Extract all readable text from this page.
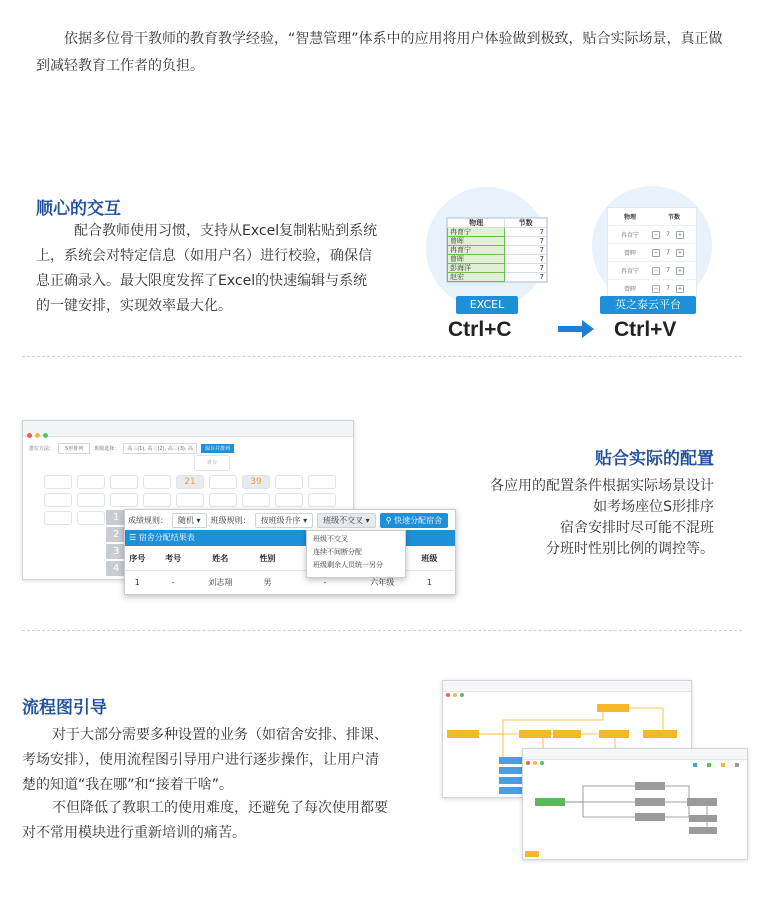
依据多位骨干教师的教育教学经验，“智慧管理”体系中的应用将用户体验做到极致，贴合实际场景，真正做到减轻教育工作者的负担。
顺心的交互
配合教师使用习惯，支持从Excel复制粘贴到系统上，系统会对特定信息（如用户名）进行校验，确保信息正确录入。最大限度发挥了Excel的快速编辑与系统的一键安排，实现效率最大化。
物理	节数
冉育宁	7
曾晖	7
冉育宁	7
曾晖	7
彭海洋	7
赵宏	7
EXCEL
Ctrl+C
物理	节数
冉育宁	−	7	+
曾晖	−	7	+
冉育宁	−	7	+
曾晖	−	7	+
英之泰云平台
Ctrl+V
排位方法：	S形排列	班级选择：	高三(1), 高三(2), 高三(3), 高	保存并排列
讲台
21	39
1
2
3
4
成绩规则：	随机 ▾	班级规则：	按班级升序 ▾	班级不交叉 ▾	⚲ 快速分配宿舍
☰ 宿舍分配结果表
序号	考号	姓名	性别			班级
1	-	刘志翔	男	-	六年级	1
班级不交叉
连续不间断分配
班级剩余人员统一另分
贴合实际的配置
各应用的配置条件根据实际场景设计
如考场座位S形排序
宿舍安排时尽可能不混班
分班时性别比例的调控等。
流程图引导
对于大部分需要多种设置的业务（如宿舍安排、排课、考场安排），使用流程图引导用户进行逐步操作，让用户清楚的知道“我在哪”和“接着干啥”。
不但降低了教职工的使用难度，还避免了每次使用都要对不常用模块进行重新培训的痛苦。
